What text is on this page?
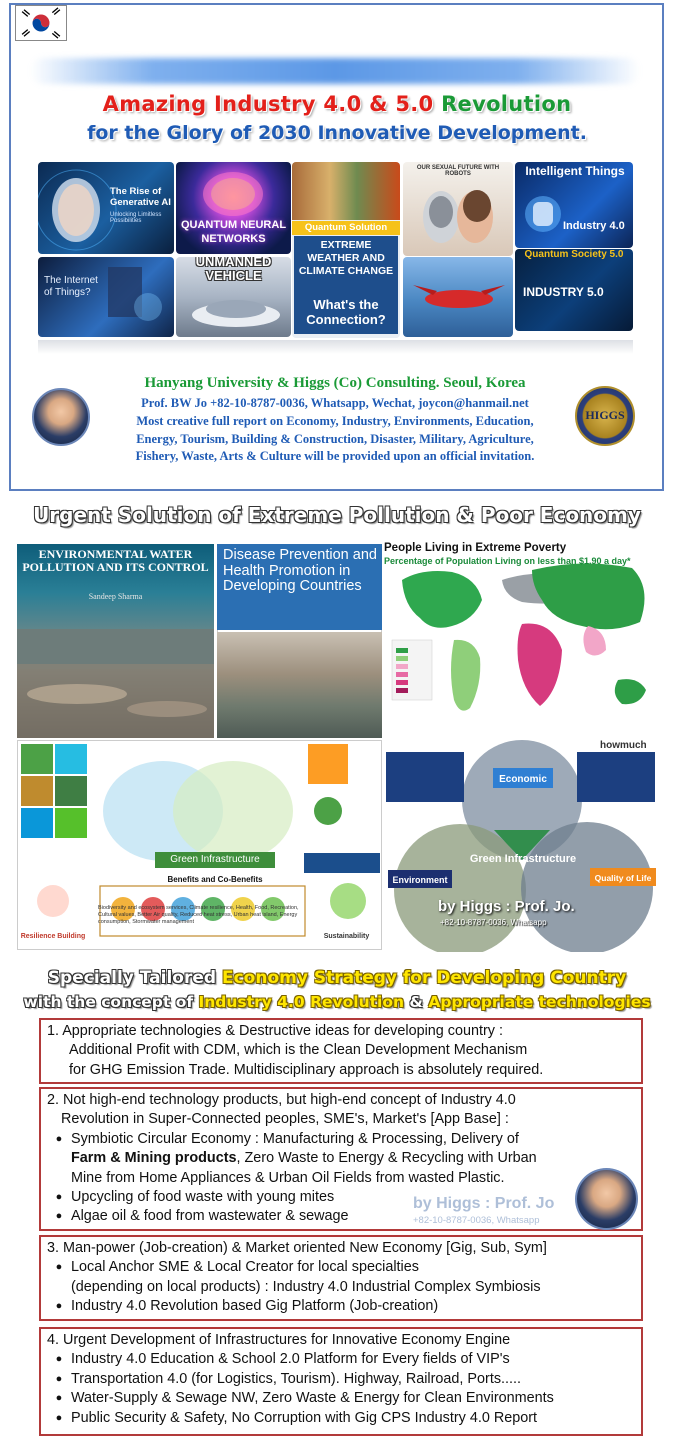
Amazing Industry 4.0 & 5.0 Revolution
for the Glory of 2030 Innovative Development.
The Rise of Generative AI
Unlocking Limitless Possibilities	QUANTUM NEURAL NETWORKS
Quantum Solution
EXTREME WEATHER AND CLIMATE CHANGE
What's the Connection?
OUR SEXUAL FUTURE WITH ROBOTS	Intelligent Things
Industry 4.0
The Internet of Things?
UNMANNED VEHICLE
Quantum Society 5.0
INDUSTRY 5.0
Hanyang University & Higgs (Co) Consulting. Seoul, Korea
Prof. BW Jo +82-10-8787-0036, Whatsapp, Wechat, joycon@hanmail.net
Most creative full report on Economy, Industry, Environments, Education,
Energy, Tourism, Building & Construction, Disaster, Military, Agriculture,
Fishery, Waste, Arts & Culture will be provided upon an official invitation.
HIGGS
Urgent Solution of Extreme Pollution & Poor Economy
ENVIRONMENTAL WATER POLLUTION AND ITS CONTROL
Sandeep Sharma
Disease Prevention and Health Promotion in Developing Countries
People Living in Extreme Poverty
Percentage of Population Living on less than $1.90 a day*
Green Infrastructure
Benefits and Co-Benefits
Biodiversity and ecosystem services, Climate resilience, Health, Food, Recreation, Cultural values, Better Air quality, Reduced heat stress, Urban heat island, Energy consumption, Stormwater management
Resilience Building	Sustainability
Economic
Environment	Quality of Life
Green Infrastructure
by Higgs : Prof. Jo.
+82-10-8787-0036, Whatsapp
howmuch
Specially Tailored Economy Strategy for Developing Country
with the concept of Industry 4.0 Revolution & Appropriate technologies
1. Appropriate technologies & Destructive ideas for developing country :
Additional Profit with CDM, which is the Clean Development Mechanism
for GHG Emission Trade. Multidisciplinary approach is absolutely required.
2. Not high-end technology products, but high-end concept of Industry 4.0
Revolution in Super-Connected peoples, SME's, Market's [App Base] :
● Symbiotic Circular Economy : Manufacturing & Processing, Delivery of
Farm & Mining products, Zero Waste to Energy & Recycling with Urban
Mine from Home Appliances & Urban Oil Fields from wasted Plastic.
● Upcycling of food waste with young mites
● Algae oil & food from wastewater & sewage
by Higgs : Prof. Jo
+82-10-8787-0036, Whatsapp
3. Man-power (Job-creation) & Market oriented New Economy [Gig, Sub, Sym]
● Local Anchor SME & Local Creator for local specialties
(depending on local products) : Industry 4.0 Industrial Complex Symbiosis
● Industry 4.0 Revolution based Gig Platform (Job-creation)
4. Urgent Development of Infrastructures for Innovative Economy Engine
● Industry 4.0 Education & School 2.0 Platform for Every fields of VIP's
● Transportation 4.0 (for Logistics, Tourism). Highway, Railroad, Ports.....
● Water-Supply & Sewage NW, Zero Waste & Energy for Clean Environments
● Public Security & Safety, No Corruption with Gig CPS Industry 4.0 Report
